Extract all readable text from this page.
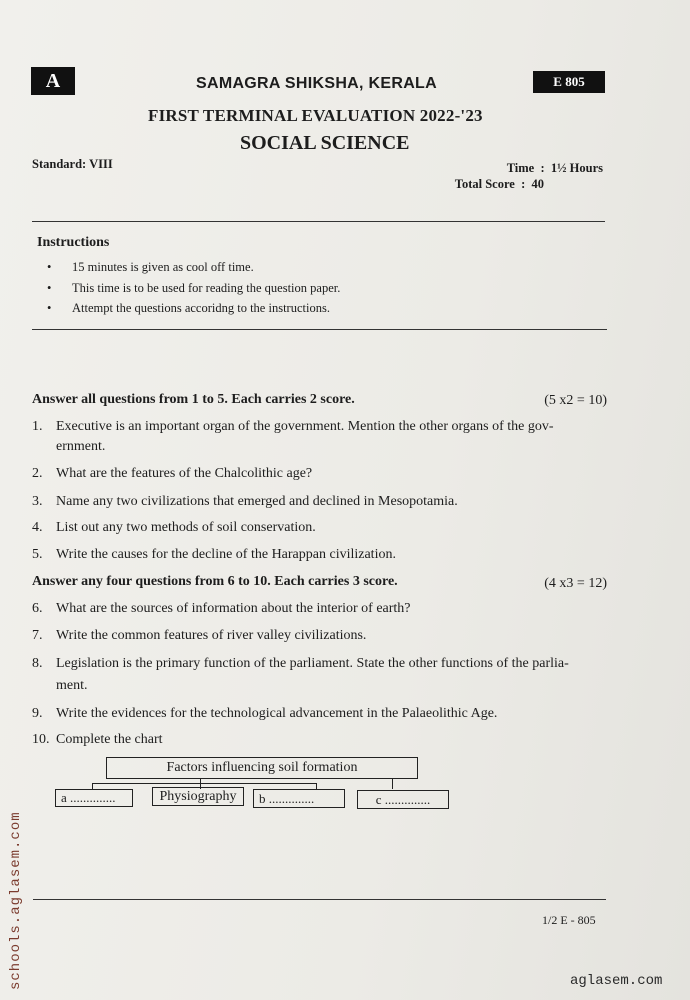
A	E 805
SAMAGRA SHIKSHA, KERALA
FIRST TERMINAL EVALUATION 2022-'23
SOCIAL SCIENCE
Standard: VIII	Time  :  1½ Hours
Total Score  :  40
Instructions
• 15 minutes is given as cool off time.
• This time is to be used for reading the question paper.
• Attempt the questions accoridng to the instructions.
Answer all questions from 1 to 5. Each carries 2 score.	(5 x2 = 10)
1. Executive is an important organ of the government. Mention the other organs of the gov-
ernment.
2. What are the features of the Chalcolithic age?
3. Name any two civilizations that emerged and declined in Mesopotamia.
4. List out any two methods of soil conservation.
5. Write the causes for the decline of the Harappan civilization.
Answer any four questions from 6 to 10. Each carries 3 score.	(4 x3 = 12)
6. What are the sources of information about the interior of earth?
7. Write the common features of river valley civilizations.
8. Legislation is the primary function of the parliament. State the other functions of the parlia-
ment.
9. Write the evidences for the technological advancement in the Palaeolithic Age.
10. Complete the chart
Factors influencing soil formation
a ..............	Physiography	b ..............	c ..............
1/2 E - 805
schools.aglasem.com	aglasem.com
